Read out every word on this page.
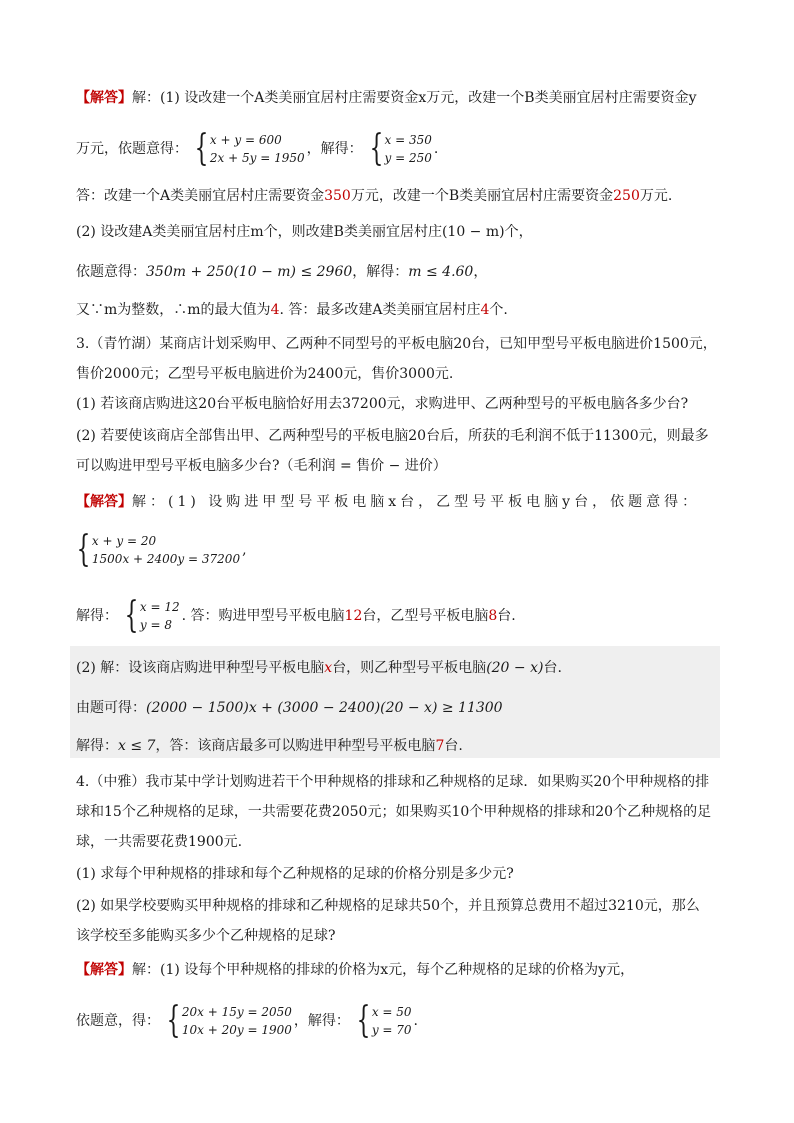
【解答】解：(1) 设改建一个A类美丽宜居村庄需要资金x万元，改建一个B类美丽宜居村庄需要资金y
万元，依题意得： { x + y = 600
2x + 5y = 1950
，解得： { x = 350
y = 250
.
答：改建一个A类美丽宜居村庄需要资金350万元，改建一个B类美丽宜居村庄需要资金250万元.
(2) 设改建A类美丽宜居村庄m个，则改建B类美丽宜居村庄(10 − m)个，
依题意得：350m + 250(10 − m) ≤ 2960，解得：m ≤ 4.60，
又∵m为整数，∴m的最大值为4. 答：最多改建A类美丽宜居村庄4个.
3.（青竹湖）某商店计划采购甲、乙两种不同型号的平板电脑20台，已知甲型号平板电脑进价1500元，
售价2000元；乙型号平板电脑进价为2400元，售价3000元.
(1) 若该商店购进这20台平板电脑恰好用去37200元，求购进甲、乙两种型号的平板电脑各多少台?
(2) 若要使该商店全部售出甲、乙两种型号的平板电脑20台后，所获的毛利润不低于11300元，则最多
可以购进甲型号平板电脑多少台?（毛利润 = 售价 − 进价）
【解答】解：(1) 设购进甲型号平板电脑x台，乙型号平板电脑y台，依题意得：
{ x + y = 20
1500x + 2400y = 37200
,
解得： { x = 12
y = 8
. 答：购进甲型号平板电脑 12 台，乙型号平板电脑 8 台.
(2) 解：设该商店购进甲种型号平板电脑x台，则乙种型号平板电脑(20 − x)台.
由题可得：(2000 − 1500)x + (3000 − 2400)(20 − x) ≥ 11300
解得：x ≤ 7，答：该商店最多可以购进甲种型号平板电脑7台.
4.（中雅）我市某中学计划购进若干个甲种规格的排球和乙种规格的足球．如果购买20个甲种规格的排
球和15个乙种规格的足球，一共需要花费2050元；如果购买10个甲种规格的排球和20个乙种规格的足
球，一共需要花费1900元.
(1) 求每个甲种规格的排球和每个乙种规格的足球的价格分别是多少元?
(2) 如果学校要购买甲种规格的排球和乙种规格的足球共50个，并且预算总费用不超过3210元，那么
该学校至多能购买多少个乙种规格的足球?
【解答】解：(1) 设每个甲种规格的排球的价格为x元，每个乙种规格的足球的价格为y元，
依题意，得： { 20x + 15y = 2050
10x + 20y = 1900
，解得： { x = 50
y = 70
.
